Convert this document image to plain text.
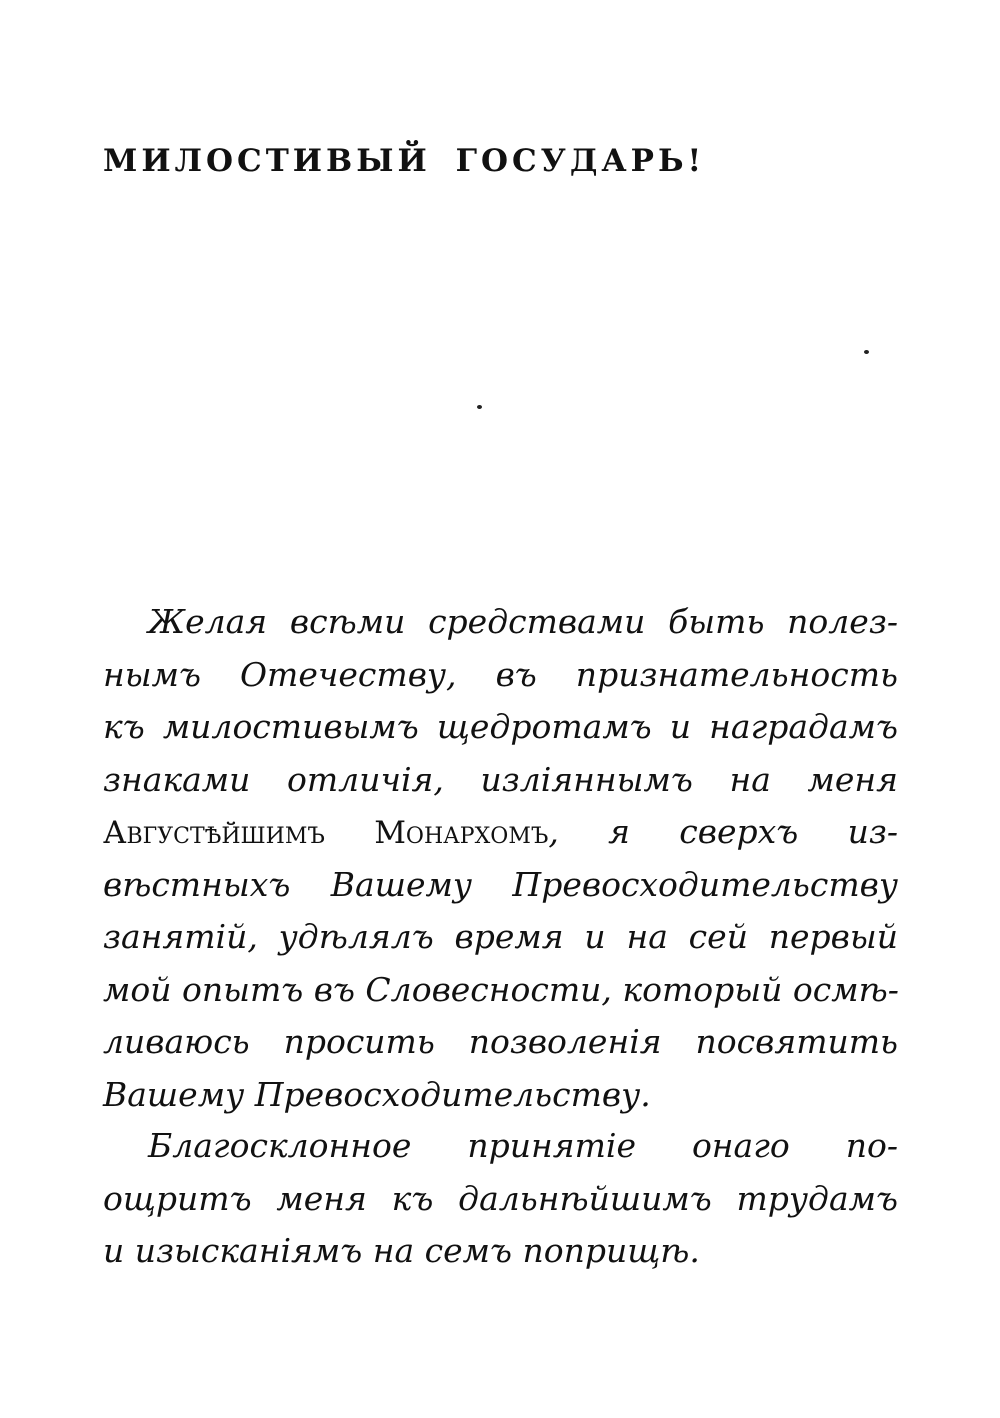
МИЛОСТИВЫЙ ГОСУДАРЬ!
Желая всѣми средствами быть полез-
нымъ Отечеству, въ признательность
къ милостивымъ щедротамъ и наградамъ
знаками отличія, изліяннымъ на меня
Августѣйшимъ Монархомъ, я сверхъ из-
вѣстныхъ Вашему Превосходительству
занятій, удѣлялъ время и на сей первый
мой опытъ въ Словесности, который осмѣ-
ливаюсь просить позволенія посвятить
Вашему Превосходительству.
Благосклонное принятіе онаго по-
ощритъ меня къ дальнѣйшимъ трудамъ
и изысканіямъ на семъ поприщѣ.
